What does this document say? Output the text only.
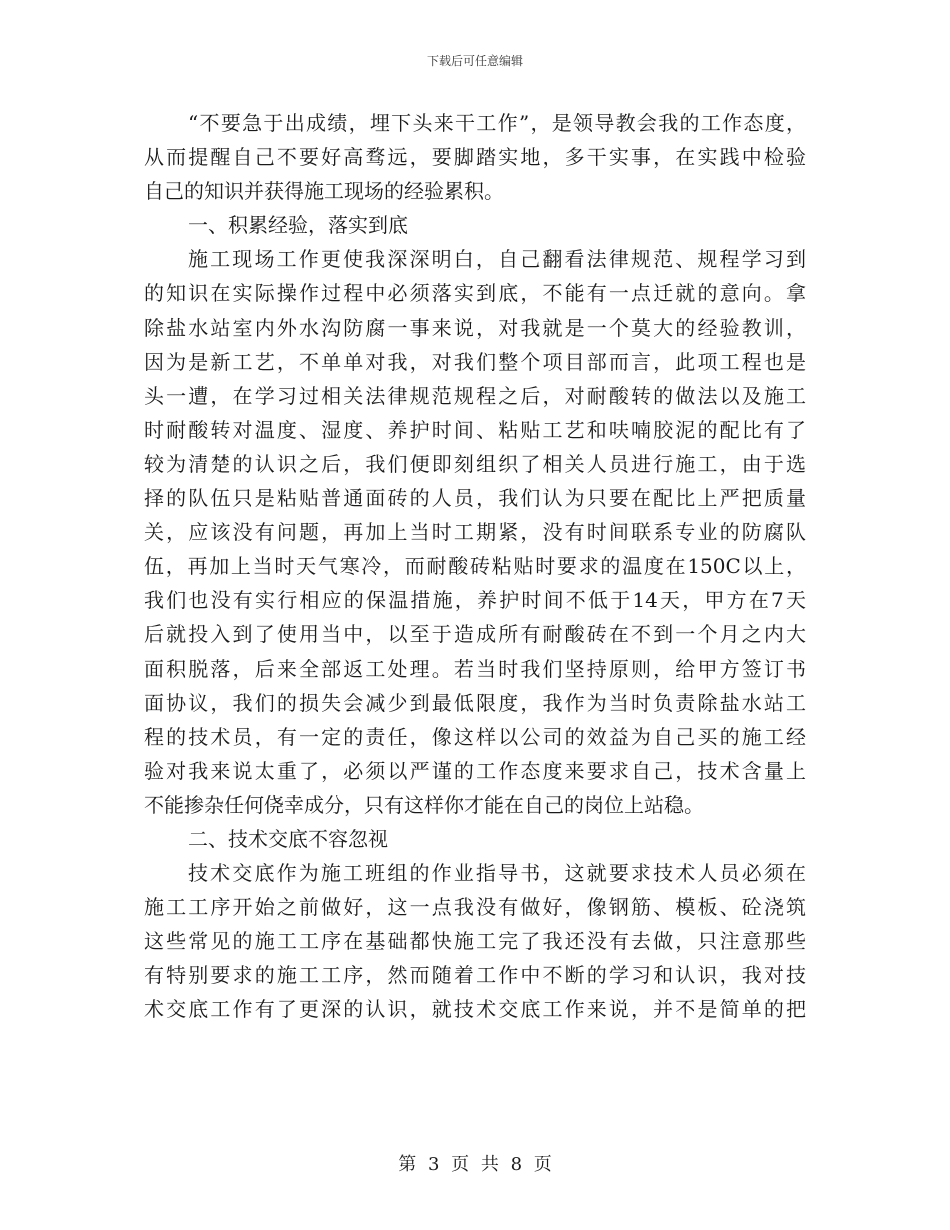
下载后可任意编辑
“不要急于出成绩，埋下头来干工作”，是领导教会我的工作态度，
从而提醒自己不要好高骛远，要脚踏实地，多干实事，在实践中检验
自己的知识并获得施工现场的经验累积。
一、积累经验，落实到底
施工现场工作更使我深深明白，自己翻看法律规范、规程学习到
的知识在实际操作过程中必须落实到底，不能有一点迁就的意向。拿
除盐水站室内外水沟防腐一事来说，对我就是一个莫大的经验教训，
因为是新工艺，不单单对我，对我们整个项目部而言，此项工程也是
头一遭，在学习过相关法律规范规程之后，对耐酸转的做法以及施工
时耐酸转对温度、湿度、养护时间、粘贴工艺和呋喃胶泥的配比有了
较为清楚的认识之后，我们便即刻组织了相关人员进行施工，由于选
择的队伍只是粘贴普通面砖的人员，我们认为只要在配比上严把质量
关，应该没有问题，再加上当时工期紧，没有时间联系专业的防腐队
伍，再加上当时天气寒冷，而耐酸砖粘贴时要求的温度在150C以上，
我们也没有实行相应的保温措施，养护时间不低于14天，甲方在7天
后就投入到了使用当中，以至于造成所有耐酸砖在不到一个月之内大
面积脱落，后来全部返工处理。若当时我们坚持原则，给甲方签订书
面协议，我们的损失会减少到最低限度，我作为当时负责除盐水站工
程的技术员，有一定的责任，像这样以公司的效益为自己买的施工经
验对我来说太重了，必须以严谨的工作态度来要求自己，技术含量上
不能掺杂任何侥幸成分，只有这样你才能在自己的岗位上站稳。
二、技术交底不容忽视
技术交底作为施工班组的作业指导书，这就要求技术人员必须在
施工工序开始之前做好，这一点我没有做好，像钢筋、模板、砼浇筑
这些常见的施工工序在基础都快施工完了我还没有去做，只注意那些
有特别要求的施工工序，然而随着工作中不断的学习和认识，我对技
术交底工作有了更深的认识，就技术交底工作来说，并不是简单的把
第 3 页 共 8 页
